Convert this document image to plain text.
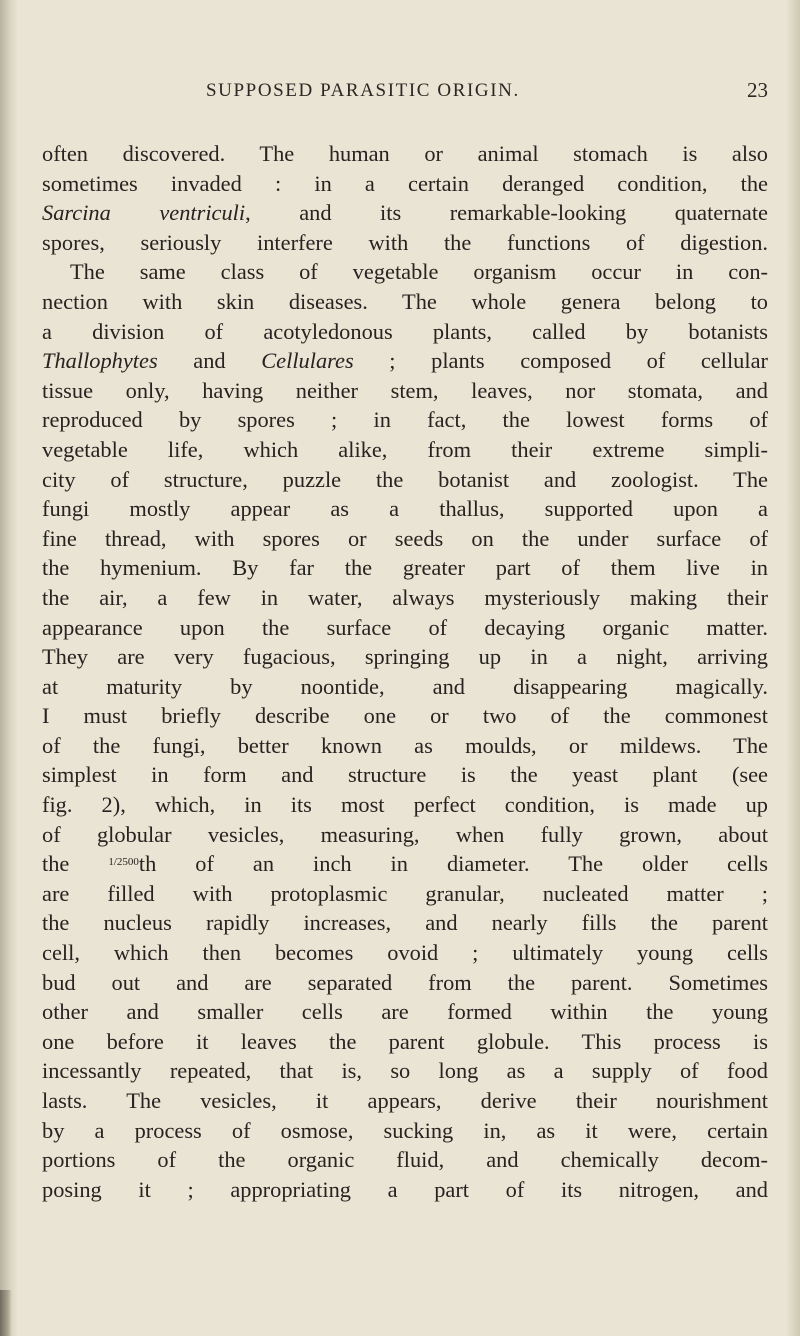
SUPPOSED PARASITIC ORIGIN.	23
often discovered. The human or animal stomach is also
sometimes invaded : in a certain deranged condition, the
Sarcina ventriculi, and its remarkable-looking quaternate
spores, seriously interfere with the functions of digestion.
The same class of vegetable organism occur in con-
nection with skin diseases. The whole genera belong to
a division of acotyledonous plants, called by botanists
Thallophytes and Cellulares ; plants composed of cellular
tissue only, having neither stem, leaves, nor stomata, and
reproduced by spores ; in fact, the lowest forms of
vegetable life, which alike, from their extreme simpli-
city of structure, puzzle the botanist and zoologist. The
fungi mostly appear as a thallus, supported upon a
fine thread, with spores or seeds on the under surface of
the hymenium. By far the greater part of them live in
the air, a few in water, always mysteriously making their
appearance upon the surface of decaying organic matter.
They are very fugacious, springing up in a night, arriving
at maturity by noontide, and disappearing magically.
I must briefly describe one or two of the commonest
of the fungi, better known as moulds, or mildews. The
simplest in form and structure is the yeast plant (see
fig. 2), which, in its most perfect condition, is made up
of globular vesicles, measuring, when fully grown, about
the 1/2500th of an inch in diameter. The older cells
are filled with protoplasmic granular, nucleated matter ;
the nucleus rapidly increases, and nearly fills the parent
cell, which then becomes ovoid ; ultimately young cells
bud out and are separated from the parent. Sometimes
other and smaller cells are formed within the young
one before it leaves the parent globule. This process is
incessantly repeated, that is, so long as a supply of food
lasts. The vesicles, it appears, derive their nourishment
by a process of osmose, sucking in, as it were, certain
portions of the organic fluid, and chemically decom-
posing it ; appropriating a part of its nitrogen, and
